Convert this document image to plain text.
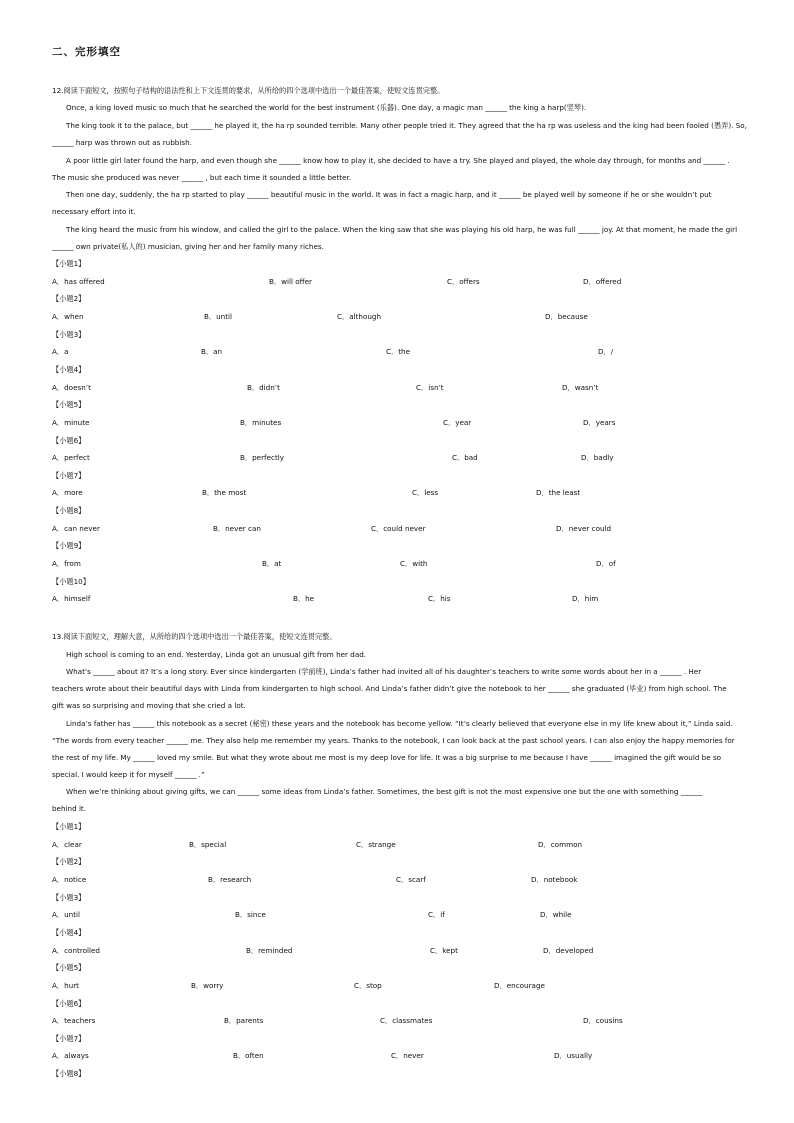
二、完形填空
12.阅读下面短文，按照句子结构的语法性和上下文连贯的要求，从所给的四个选项中选出一个最佳答案，使短文连贯完整。
Once, a king loved music so much that he searched the world for the best instrument (乐器). One day, a magic man ______ the king a harp(竖琴).
The king took it to the palace, but ______ he played it, the ha rp sounded terrible. Many other people tried it. They agreed that the ha rp was useless and the king had been fooled (愚弄). So,
______ harp was thrown out as rubbish.
A poor little girl later found the harp, and even though she ______ know how to play it, she decided to have a try. She played and played, the whole day through, for months and ______ .
The music she produced was never ______ , but each time it sounded a little better.
Then one day, suddenly, the ha rp started to play ______ beautiful music in the world. It was in fact a magic harp, and it ______ be played well by someone if he or she wouldn’t put
necessary effort into it.
The king heard the music from his window, and called the girl to the palace. When the king saw that she was playing his old harp, he was full ______ joy. At that moment, he made the girl
______ own private(私人的) musician, giving her and her family many riches.
【小题1】
A．has offered	B．will offer	C．offers	D．offered
【小题2】
A．when	B．until	C．although	D．because
【小题3】
A．a	B．an	C．the	D．/
【小题4】
A．doesn’t	B．didn’t	C．isn’t	D．wasn’t
【小题5】
A．minute	B．minutes	C．year	D．years
【小题6】
A．perfect	B．perfectly	C．bad	D．badly
【小题7】
A．more	B．the most	C．less	D．the least
【小题8】
A．can never	B．never can	C．could never	D．never could
【小题9】
A．from	B．at	C．with	D．of
【小题10】
A．himself	B．he	C．his	D．him
13.阅读下面短文，理解大意，从所给的四个选项中选出一个最佳答案，使短文连贯完整。
High school is coming to an end. Yesterday, Linda got an unusual gift from her dad.
What’s ______ about it? It’s a long story. Ever since kindergarten (学前班), Linda’s father had invited all of his daughter’s teachers to write some words about her in a ______ . Her
teachers wrote about their beautiful days with Linda from kindergarten to high school. And Linda’s father didn’t give the notebook to her ______ she graduated (毕业) from high school. The
gift was so surprising and moving that she cried a lot.
Linda’s father has ______ this notebook as a secret (秘密) these years and the notebook has become yellow. “It’s clearly believed that everyone else in my life knew about it,” Linda said.
“The words from every teacher ______ me. They also help me remember my years. Thanks to the notebook, I can look back at the past school years. I can also enjoy the happy memories for
the rest of my life. My ______ loved my smile. But what they wrote about me most is my deep love for life. It was a big surprise to me because I have ______ imagined the gift would be so
special. I would keep it for myself ______ .”
When we’re thinking about giving gifts, we can ______ some ideas from Linda’s father. Sometimes, the best gift is not the most expensive one but the one with something ______
behind it.
【小题1】
A．clear	B．special	C．strange	D．common
【小题2】
A．notice	B．research	C．scarf	D．notebook
【小题3】
A．until	B．since	C．if	D．while
【小题4】
A．controlled	B．reminded	C．kept	D．developed
【小题5】
A．hurt	B．worry	C．stop	D．encourage
【小题6】
A．teachers	B．parents	C．classmates	D．cousins
【小题7】
A．always	B．often	C．never	D．usually
【小题8】
